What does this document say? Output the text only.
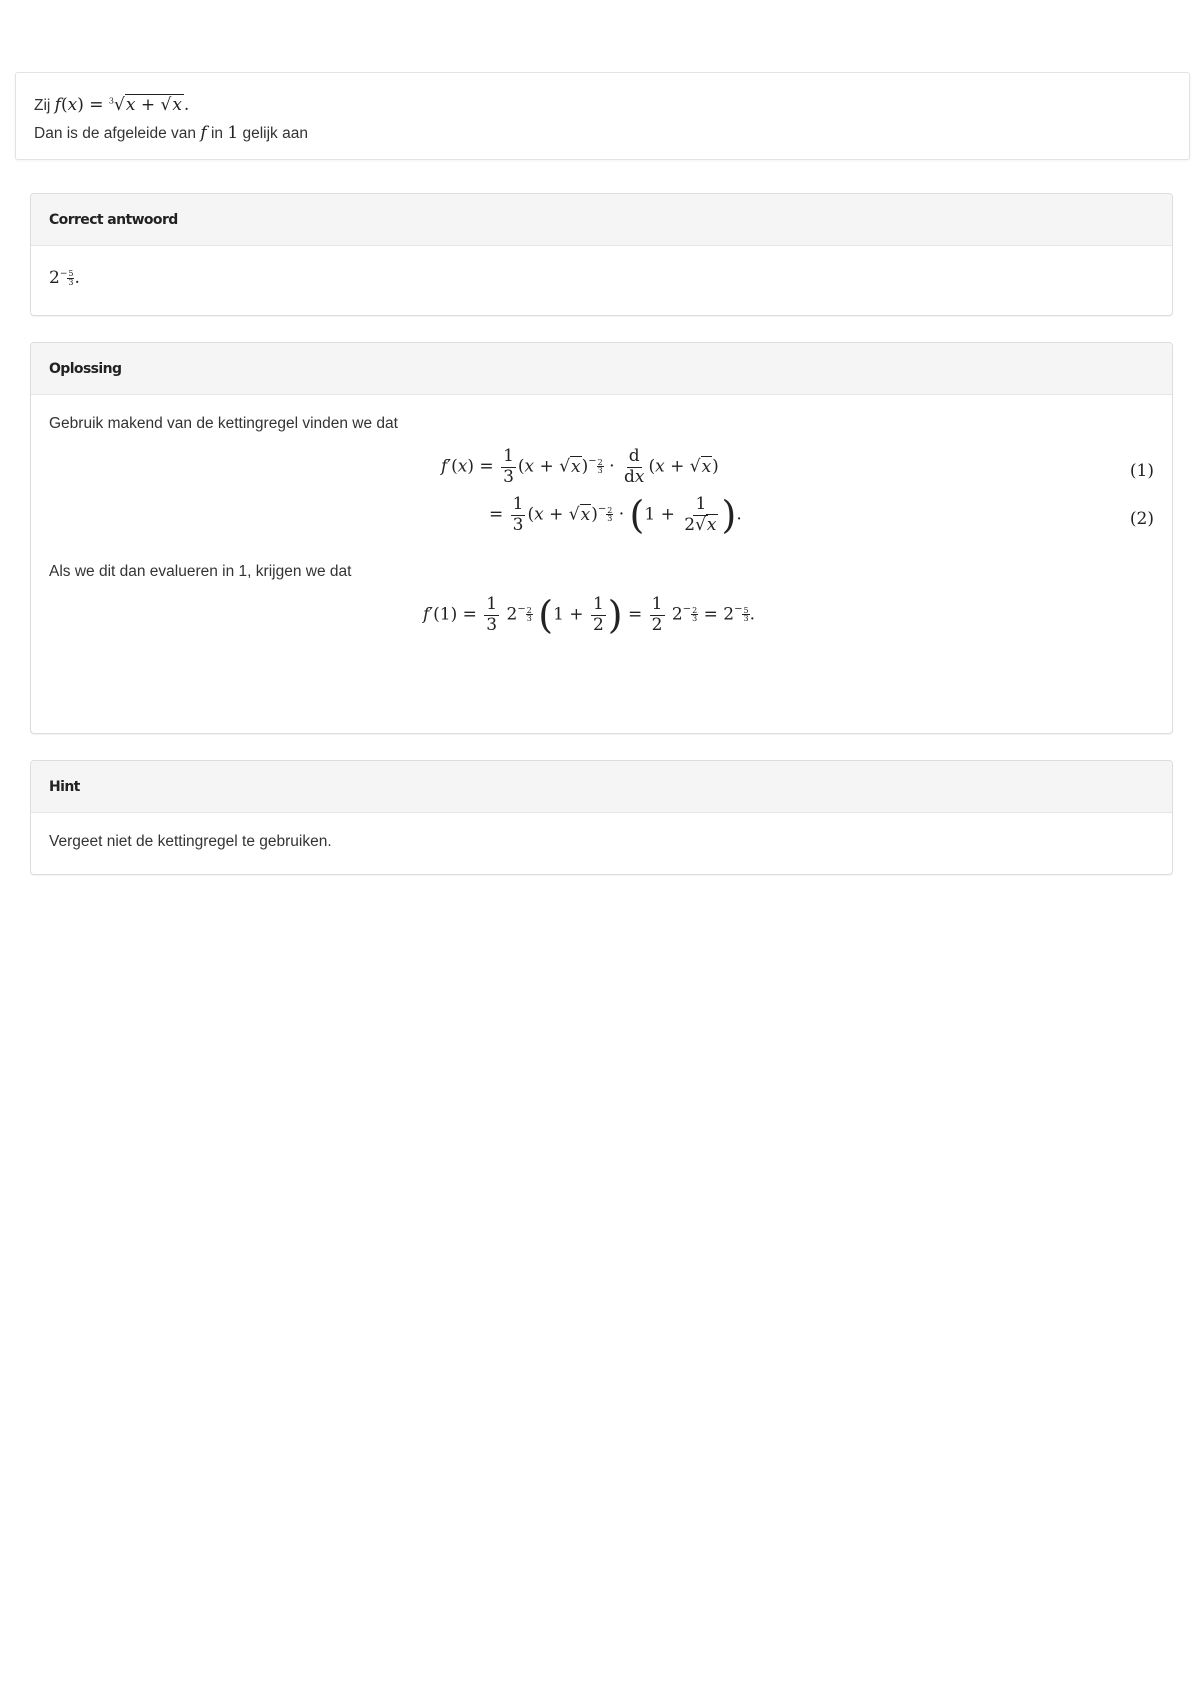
Zij f(x) = $^3$√x + √x .
Dan is de afgeleide van f in 1 gelijk aan
Correct antwoord
$2 - \frac{5}{3}$ .
Oplossing
Gebruik makend van de kettingregel vinden we dat
$f'(x) = \frac{1}{3} (x + √x)^- \frac{2}{3} \cdot \frac{d}{dx} (x + √x)$	(1)
= $\frac{1}{3} (x + √x)^- \frac{2}{3} \cdot (1 + \frac{1}{2√x}$ ).	(2)
Als we dit dan evalueren in 1, krijgen we dat
$f'(1) = \frac{1}{3} 2^- \frac{2}{3} (1 + \frac{1}{2}$ ) = $\frac{1}{2} 2^- \frac{2}{3} = 2^- \frac{5}{3}$ .
Hint
Vergeet niet de kettingregel te gebruiken.
